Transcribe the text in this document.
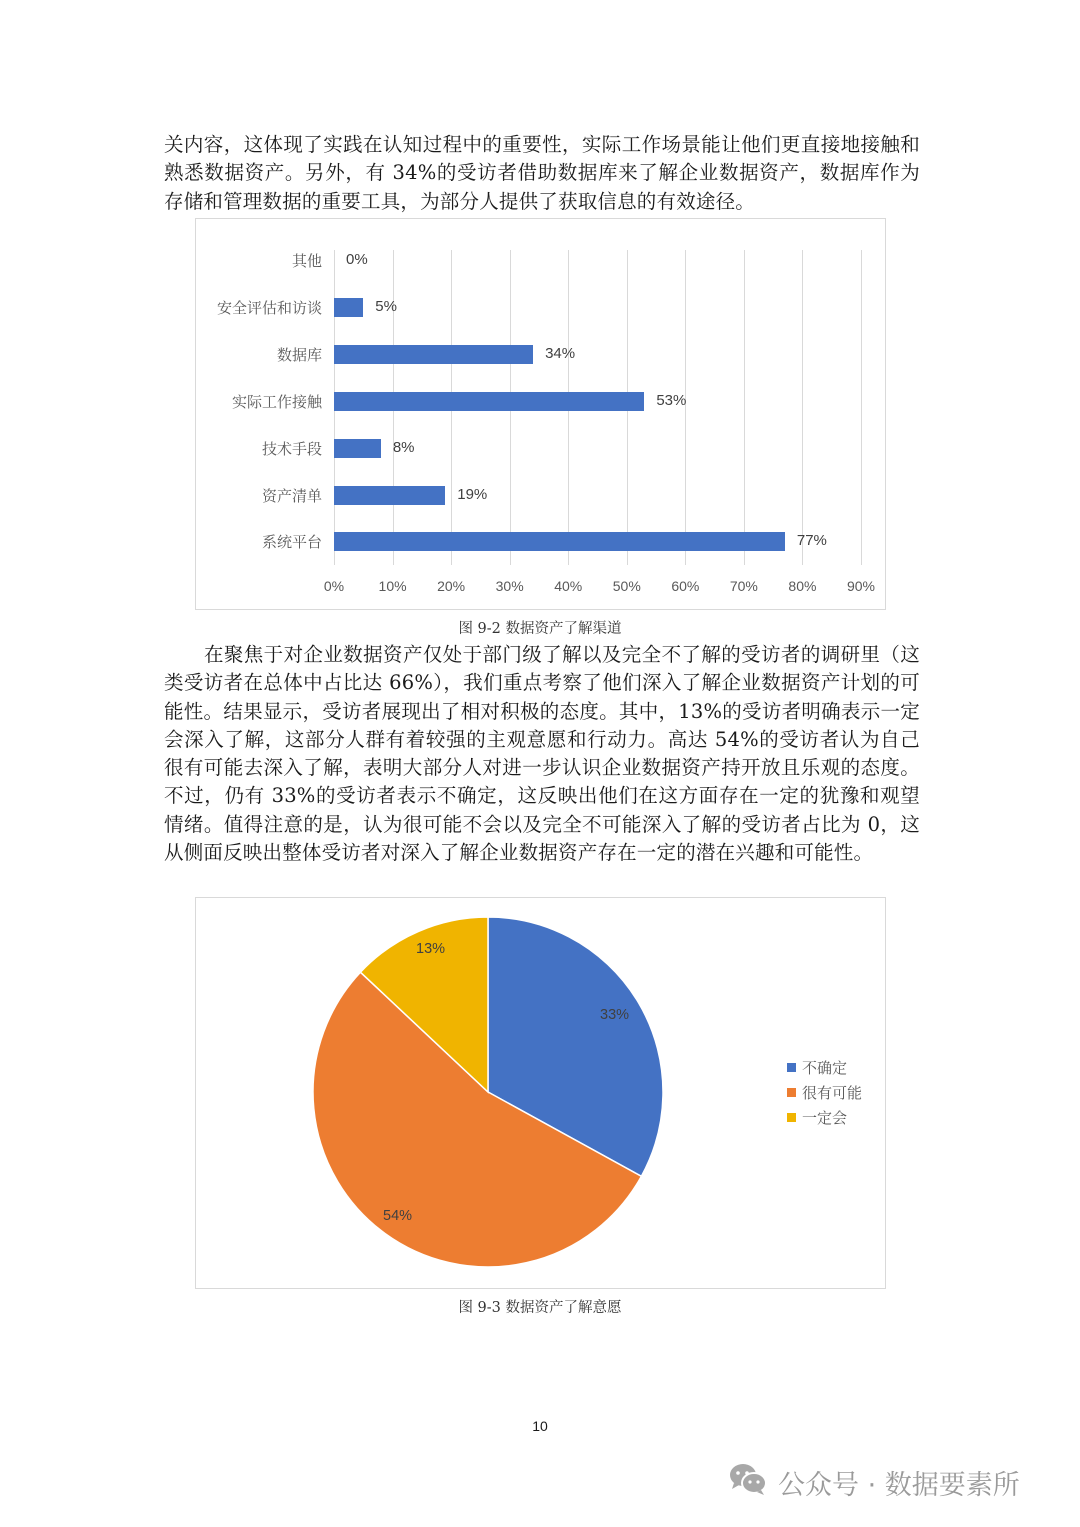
关内容，这体现了实践在认知过程中的重要性，实际工作场景能让他们更直接地接触和熟悉数据资产。另外，有 34%的受访者借助数据库来了解企业数据资产，数据库作为存储和管理数据的重要工具，为部分人提供了获取信息的有效途径。

0%	10%	20%	30%	40%	50%	60%	70%	80%	90%
其他 0%
安全评估和访谈	5%
数据库	34%
实际工作接触	53%
技术手段	8%
资产清单	19%
系统平台	77%
图 9-2 数据资产了解渠道

在聚焦于对企业数据资产仅处于部门级了解以及完全不了解的受访者的调研里（这类受访者在总体中占比达 66%），我们重点考察了他们深入了解企业数据资产计划的可能性。结果显示，受访者展现出了相对积极的态度。其中，13%的受访者明确表示一定会深入了解，这部分人群有着较强的主观意愿和行动力。高达 54%的受访者认为自己很有可能去深入了解，表明大部分人对进一步认识企业数据资产持开放且乐观的态度。不过，仍有 33%的受访者表示不确定，这反映出他们在这方面存在一定的犹豫和观望情绪。值得注意的是，认为很可能不会以及完全不可能深入了解的受访者占比为 0，这从侧面反映出整体受访者对深入了解企业数据资产存在一定的潜在兴趣和可能性。

33%
54%
13%
不确定
很有可能
一定会
图 9-3 数据资产了解意愿
10
公众号 · 数据要素所
